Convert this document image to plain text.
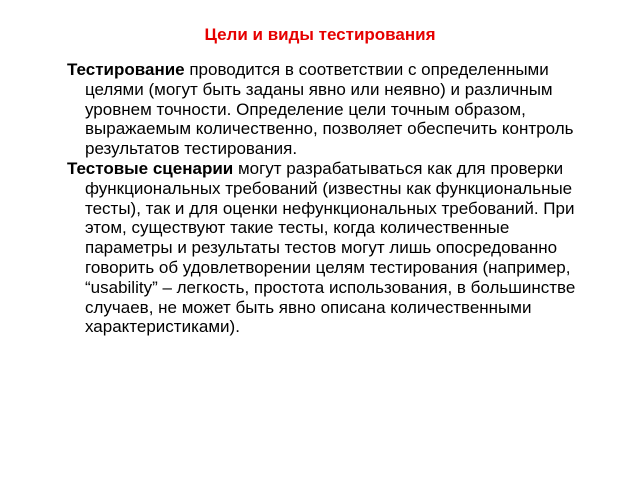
Цели и виды тестирования

Тестирование проводится в соответствии с определенными целями (могут быть заданы явно или неявно) и различным уровнем точности. Определение цели точным образом, выражаемым количественно, позволяет обеспечить контроль результатов тестирования.

Тестовые сценарии могут разрабатываться как для проверки функциональных требований (известны как функциональные тесты), так и для оценки нефункциональных требований. При этом, существуют такие тесты, когда количественные параметры и результаты тестов могут лишь опосредованно говорить об удовлетворении целям тестирования (например, “usability” – легкость, простота использования, в большинстве случаев, не может быть явно описана количественными характеристиками).
